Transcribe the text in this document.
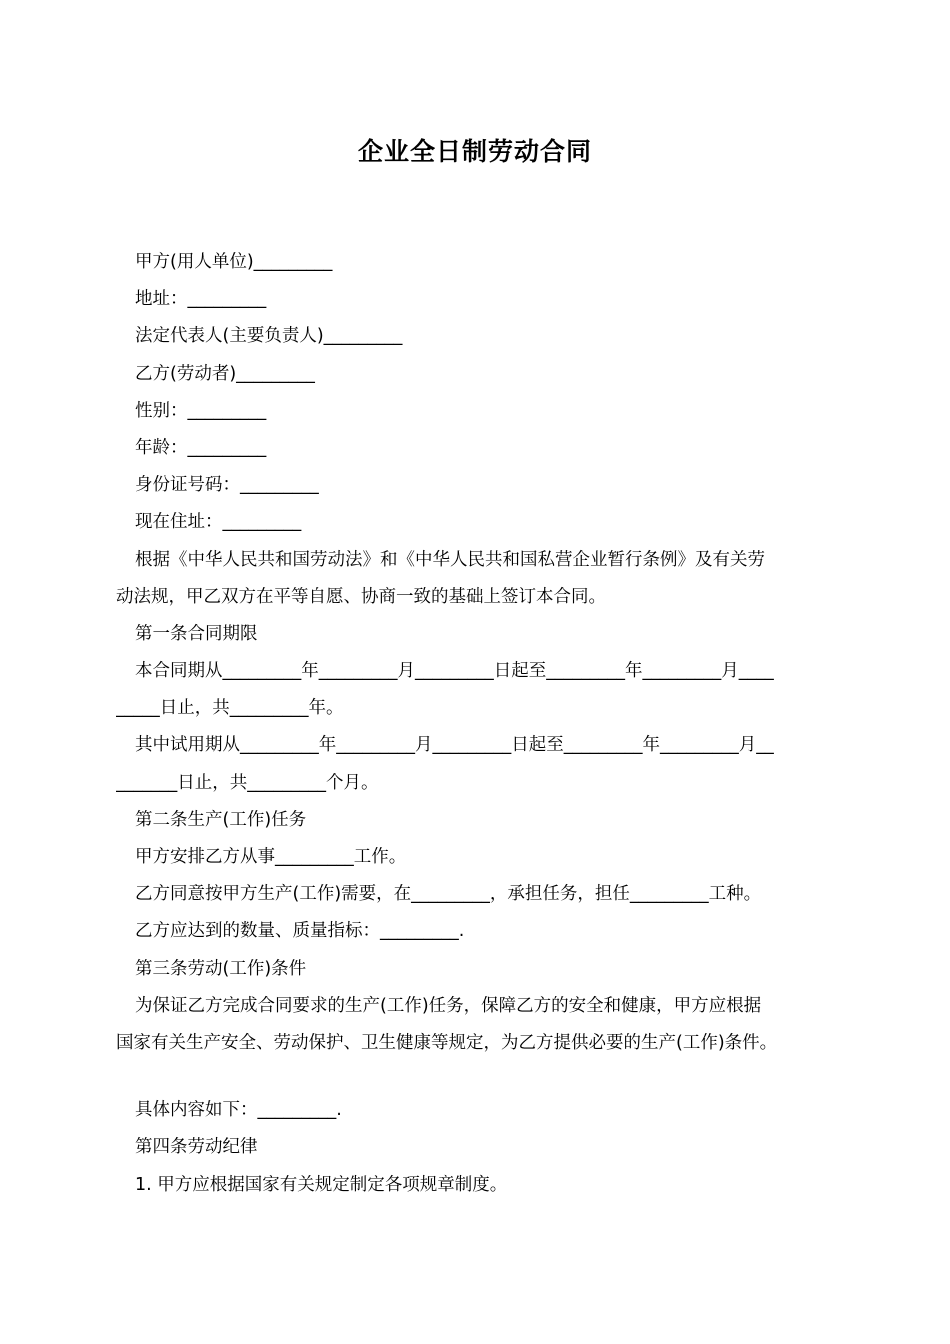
企业全日制劳动合同
甲方(用人单位)_________
地址：_________
法定代表人(主要负责人)_________
乙方(劳动者)_________
性别：_________
年龄：_________
身份证号码：_________
现在住址：_________
根据《中华人民共和国劳动法》和《中华人民共和国私营企业暂行条例》及有关劳
动法规，甲乙双方在平等自愿、协商一致的基础上签订本合同。
第一条合同期限
本合同期从_________年_________月_________日起至_________年_________月____
_____日止，共_________年。
其中试用期从_________年_________月_________日起至_________年_________月__
_______日止，共_________个月。
第二条生产(工作)任务
甲方安排乙方从事_________工作。
乙方同意按甲方生产(工作)需要，在_________，承担任务，担任_________工种。
乙方应达到的数量、质量指标：_________.
第三条劳动(工作)条件
为保证乙方完成合同要求的生产(工作)任务，保障乙方的安全和健康，甲方应根据
国家有关生产安全、劳动保护、卫生健康等规定，为乙方提供必要的生产(工作)条件。
具体内容如下：_________.
第四条劳动纪律
1. 甲方应根据国家有关规定制定各项规章制度。
